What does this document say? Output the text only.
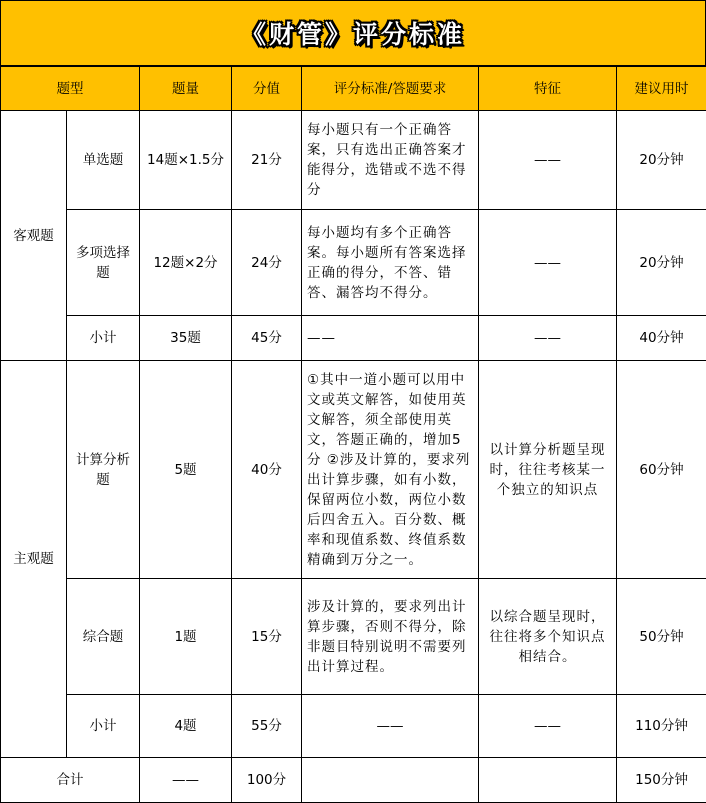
《财管》评分标准
题型		题量	分值	评分标准/答题要求	特征	建议用时
客观题	单选题	14题×1.5分	21分	每小题只有一个正确答案，只有选出正确答案才能得分，选错或不选不得分	——	20分钟
	多项选择题	12题×2分	24分	每小题均有多个正确答案。每小题所有答案选择正确的得分，不答、错答、漏答均不得分。	——	20分钟
	小计	35题	45分	——	——	40分钟
主观题	计算分析题	5题	40分	①其中一道小题可以用中文或英文解答，如使用英文解答，须全部使用英文，答题正确的，增加5分 ②涉及计算的，要求列出计算步骤，如有小数，保留两位小数，两位小数后四舍五入。百分数、概率和现值系数、终值系数精确到万分之一。	以计算分析题呈现时，往往考核某一个独立的知识点	60分钟
	综合题	1题	15分	涉及计算的，要求列出计算步骤，否则不得分，除非题目特别说明不需要列出计算过程。	以综合题呈现时，往往将多个知识点相结合。	50分钟
	小计	4题	55分	——	——	110分钟
合计		——	100分			150分钟
